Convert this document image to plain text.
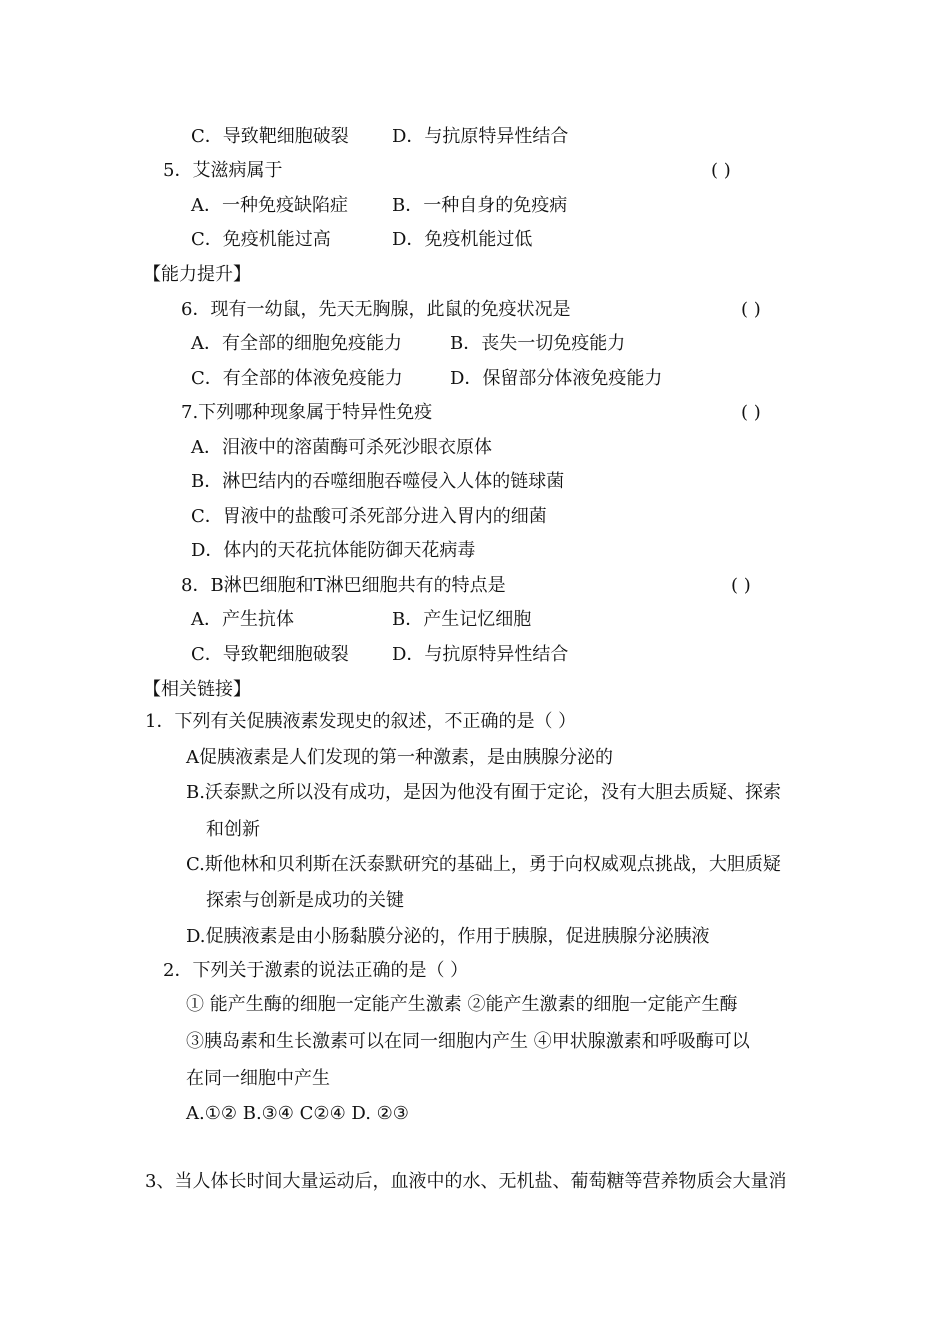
C．导致靶细胞破裂 D．与抗原特异性结合
5．艾滋病属于	( )
A．一种免疫缺陷症 B．一种自身的免疫病
C．免疫机能过高	D．免疫机能过低
【能力提升】
6．现有一幼鼠，先天无胸腺，此鼠的免疫状况是	( )
A．有全部的细胞免疫能力	B．丧失一切免疫能力
C．有全部的体液免疫能力	D．保留部分体液免疫能力
7.下列哪种现象属于特异性免疫	( )
A．泪液中的溶菌酶可杀死沙眼衣原体
B．淋巴结内的吞噬细胞吞噬侵入人体的链球菌
C．胃液中的盐酸可杀死部分进入胃内的细菌
D．体内的天花抗体能防御天花病毒
8．B淋巴细胞和T淋巴细胞共有的特点是	( )
A．产生抗体	B．产生记忆细胞
C．导致靶细胞破裂 D．与抗原特异性结合
【相关链接】
1．下列有关促胰液素发现史的叙述，不正确的是（ ）
A促胰液素是人们发现的第一种激素，是由胰腺分泌的
B.沃泰默之所以没有成功，是因为他没有囿于定论，没有大胆去质疑、探索
和创新
C.斯他林和贝利斯在沃泰默研究的基础上，勇于向权威观点挑战，大胆质疑
探索与创新是成功的关键
D.促胰液素是由小肠黏膜分泌的，作用于胰腺，促进胰腺分泌胰液
2．下列关于激素的说法正确的是（ ）
① 能产生酶的细胞一定能产生激素 ②能产生激素的细胞一定能产生酶
③胰岛素和生长激素可以在同一细胞内产生 ④甲状腺激素和呼吸酶可以
在同一细胞中产生
A.①② B.③④ C②④ D. ②③
3、当人体长时间大量运动后，血液中的水、无机盐、葡萄糖等营养物质会大量消
